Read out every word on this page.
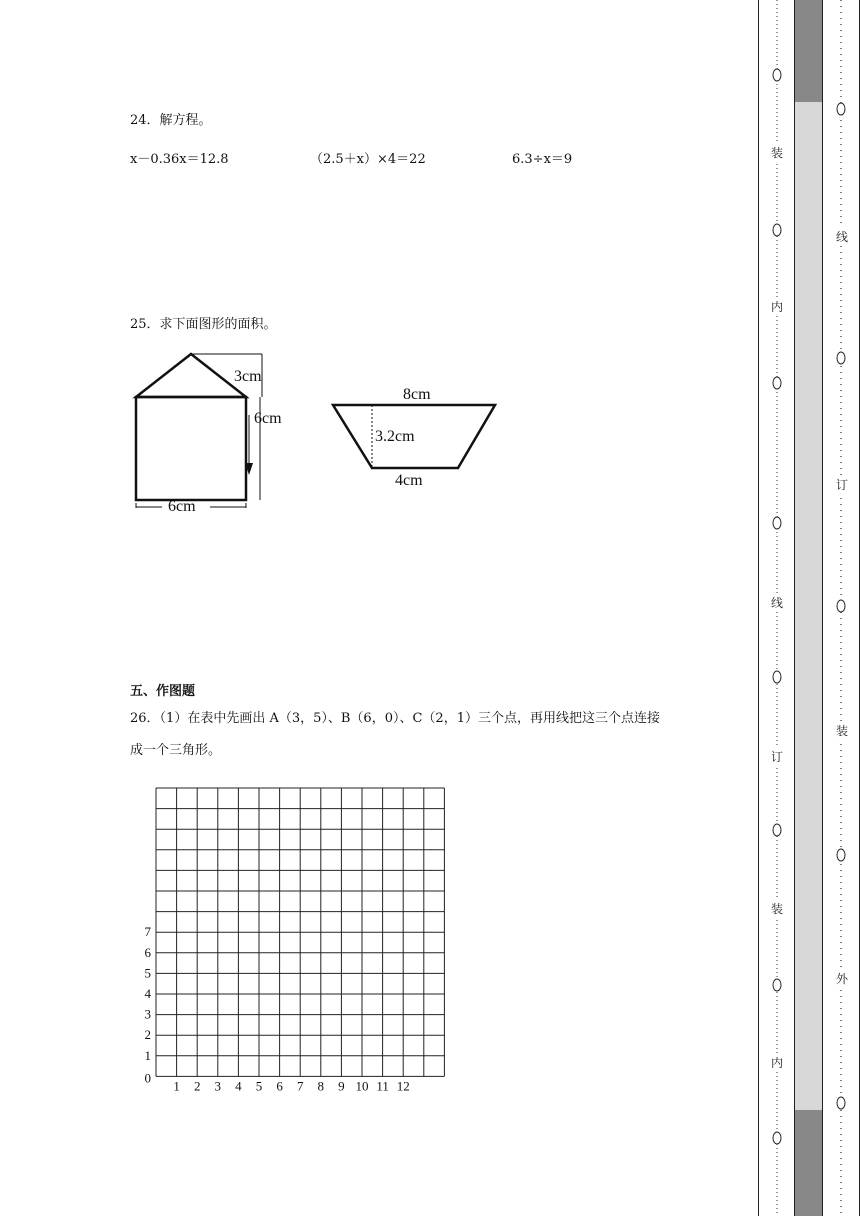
24．解方程。
x－0.36x＝12.8	（2.5＋x）×4＝22	6.3÷x＝9
25．求下面图形的面积。
3cm
6cm
6cm
8cm
3.2cm
4cm
五、作图题
26．（1）在表中先画出 A（3，5）、B（6，0）、C（2，1）三个点，再用线把这三个点连接
成一个三角形。
1 2 3 4 5 6 7 8 9 10 11 12
0
1
2
3
4
5
6
7
装
内
线
订
装
内
线
订
装
外
